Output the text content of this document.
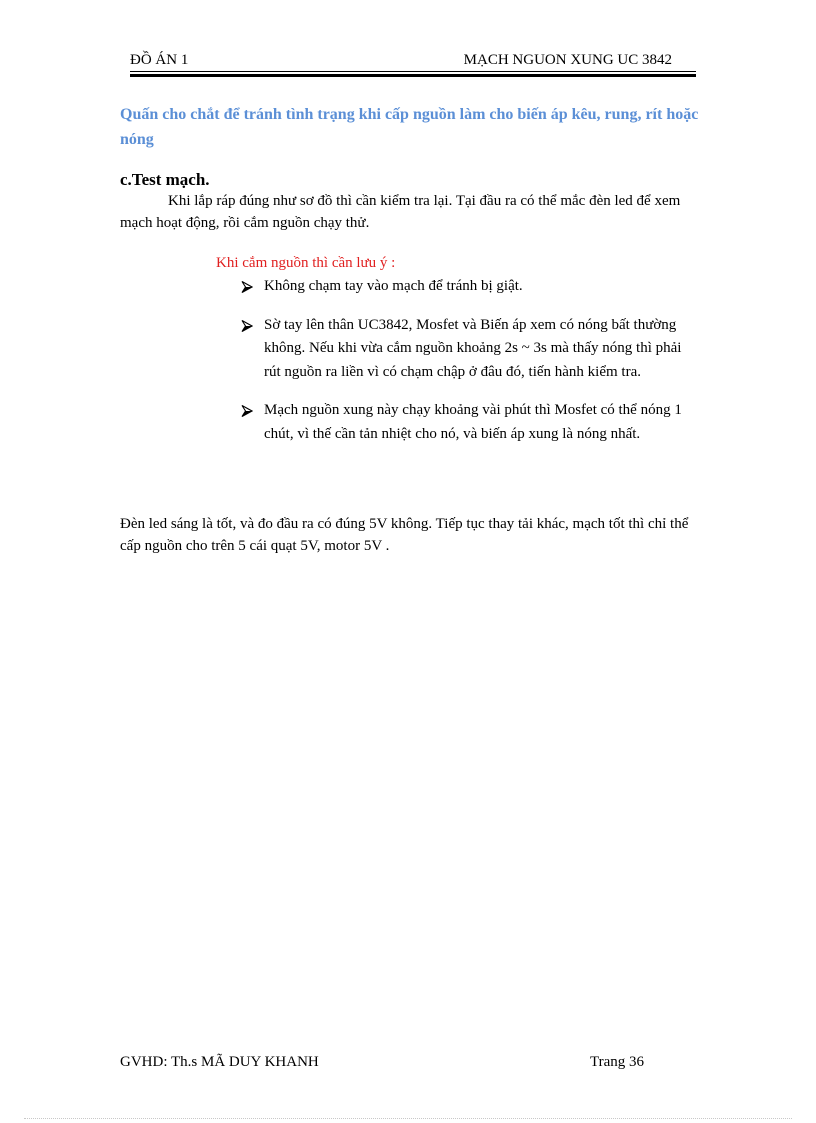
ĐỒ ÁN 1	MẠCH NGUON XUNG UC 3842

Quấn cho chắt để tránh tình trạng khi cấp nguồn làm cho biến áp kêu, rung, rít hoặc nóng

c.Test mạch.

Khi lắp ráp đúng như sơ đồ thì cần kiểm tra lại. Tại đầu ra có thể mắc đèn led để xem mạch hoạt động, rồi cắm nguồn chạy thử.

Khi cắm nguồn thì cần lưu ý :
Không chạm tay vào mạch để tránh bị giật.
Sờ tay lên thân UC3842, Mosfet và Biến áp xem có nóng bất thường không. Nếu khi vừa cắm nguồn khoảng 2s ~ 3s mà thấy nóng thì phải rút nguồn ra liền vì có chạm chập ở đâu đó, tiến hành kiểm tra.
Mạch nguồn xung này chạy khoảng vài phút thì Mosfet có thể nóng 1 chút, vì thế cần tản nhiệt cho nó, và biến áp xung là nóng nhất.

Đèn led sáng là tốt, và đo đầu ra có đúng 5V không. Tiếp tục thay tải khác, mạch tốt thì chỉ thể cấp nguồn cho trên 5 cái quạt 5V, motor 5V .

GVHD: Th.s MÃ DUY KHANH	Trang 36
